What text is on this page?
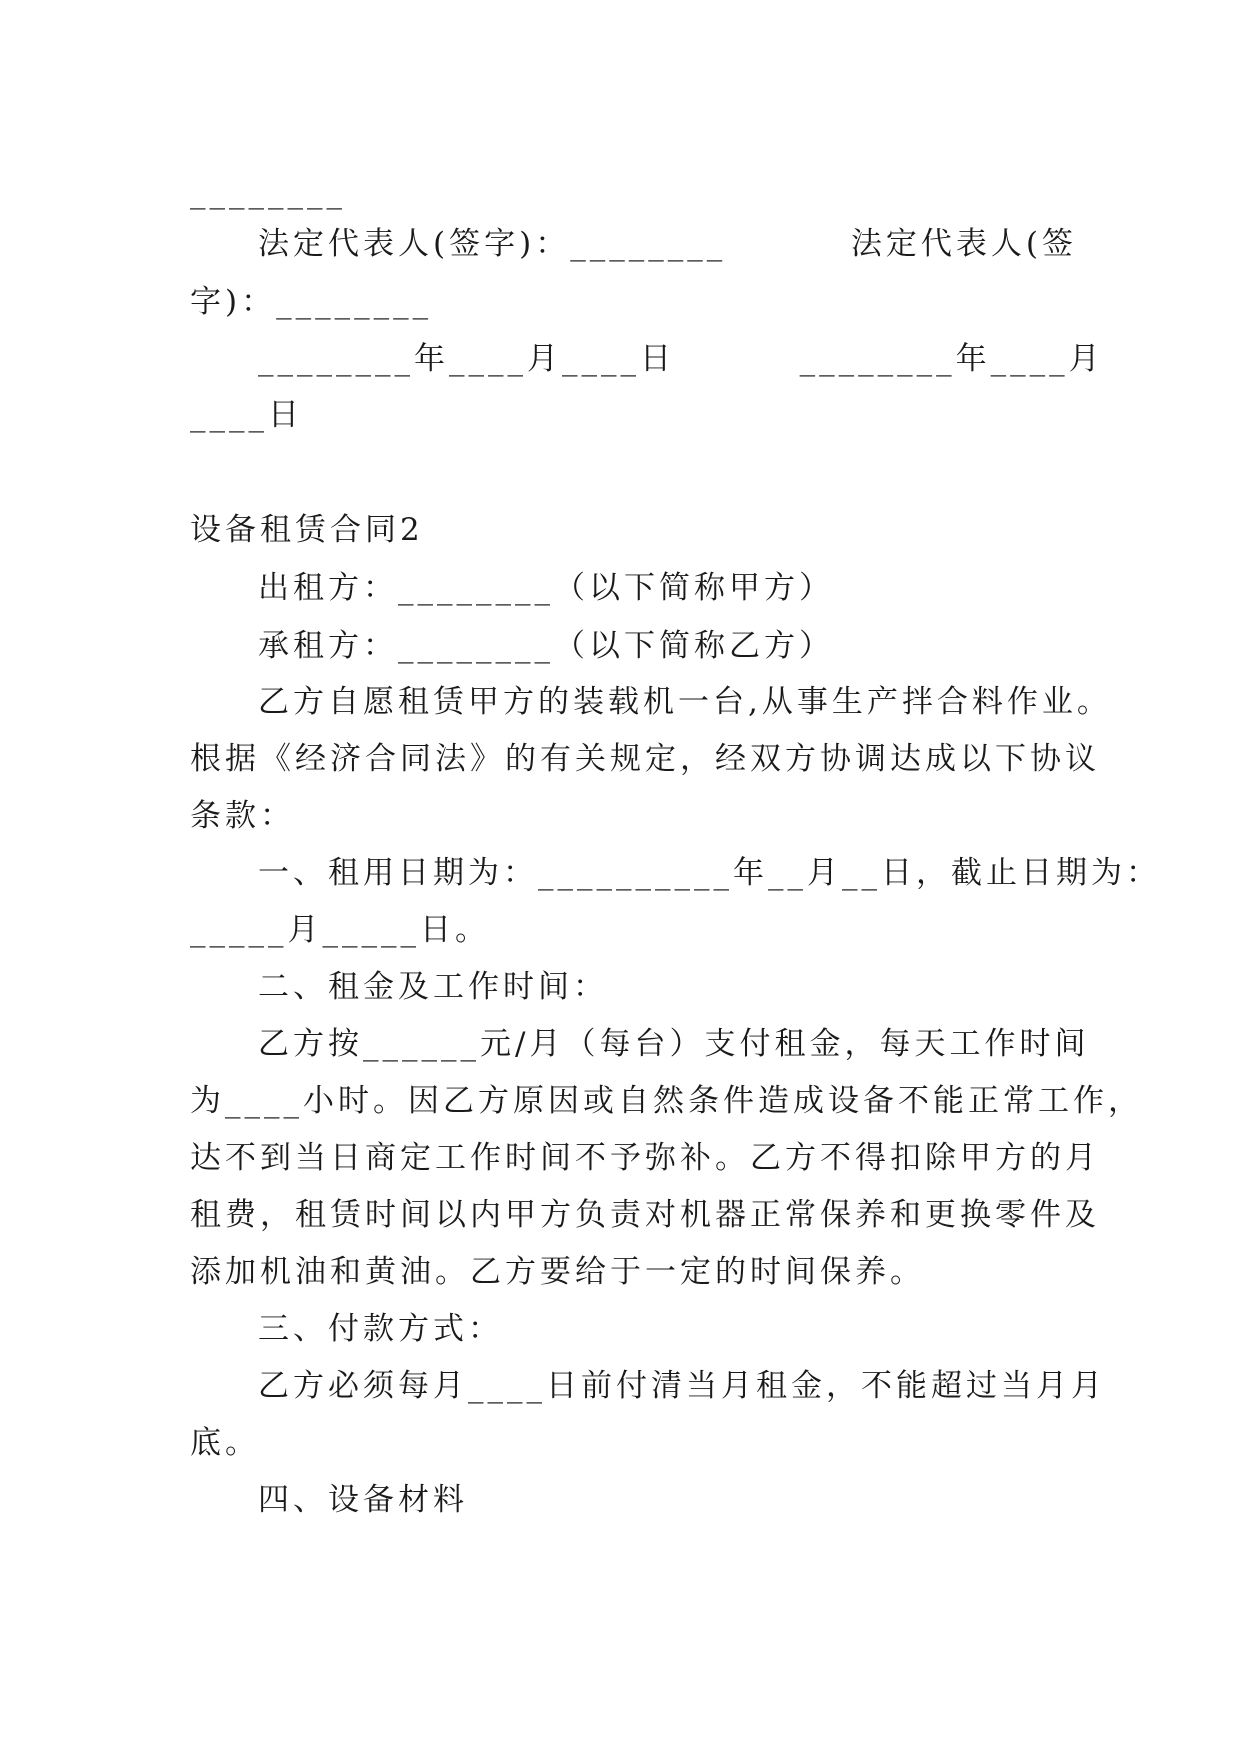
________
法定代表人(签字)：________         法定代表人(签
字)：________
________年____月____日         ________年____月
____日
设备租赁合同2
出租方：________（以下简称甲方）
承租方：________（以下简称乙方）
乙方自愿租赁甲方的装载机一台,从事生产拌合料作业。
根据《经济合同法》的有关规定，经双方协调达成以下协议
条款：
一、租用日期为：__________年__月__日，截止日期为：
_____月_____日。
二、租金及工作时间：
乙方按______元/月（每台）支付租金，每天工作时间
为____小时。因乙方原因或自然条件造成设备不能正常工作，
达不到当日商定工作时间不予弥补。乙方不得扣除甲方的月
租费，租赁时间以内甲方负责对机器正常保养和更换零件及
添加机油和黄油。乙方要给于一定的时间保养。
三、付款方式：
乙方必须每月____日前付清当月租金，不能超过当月月
底。
四、设备材料
